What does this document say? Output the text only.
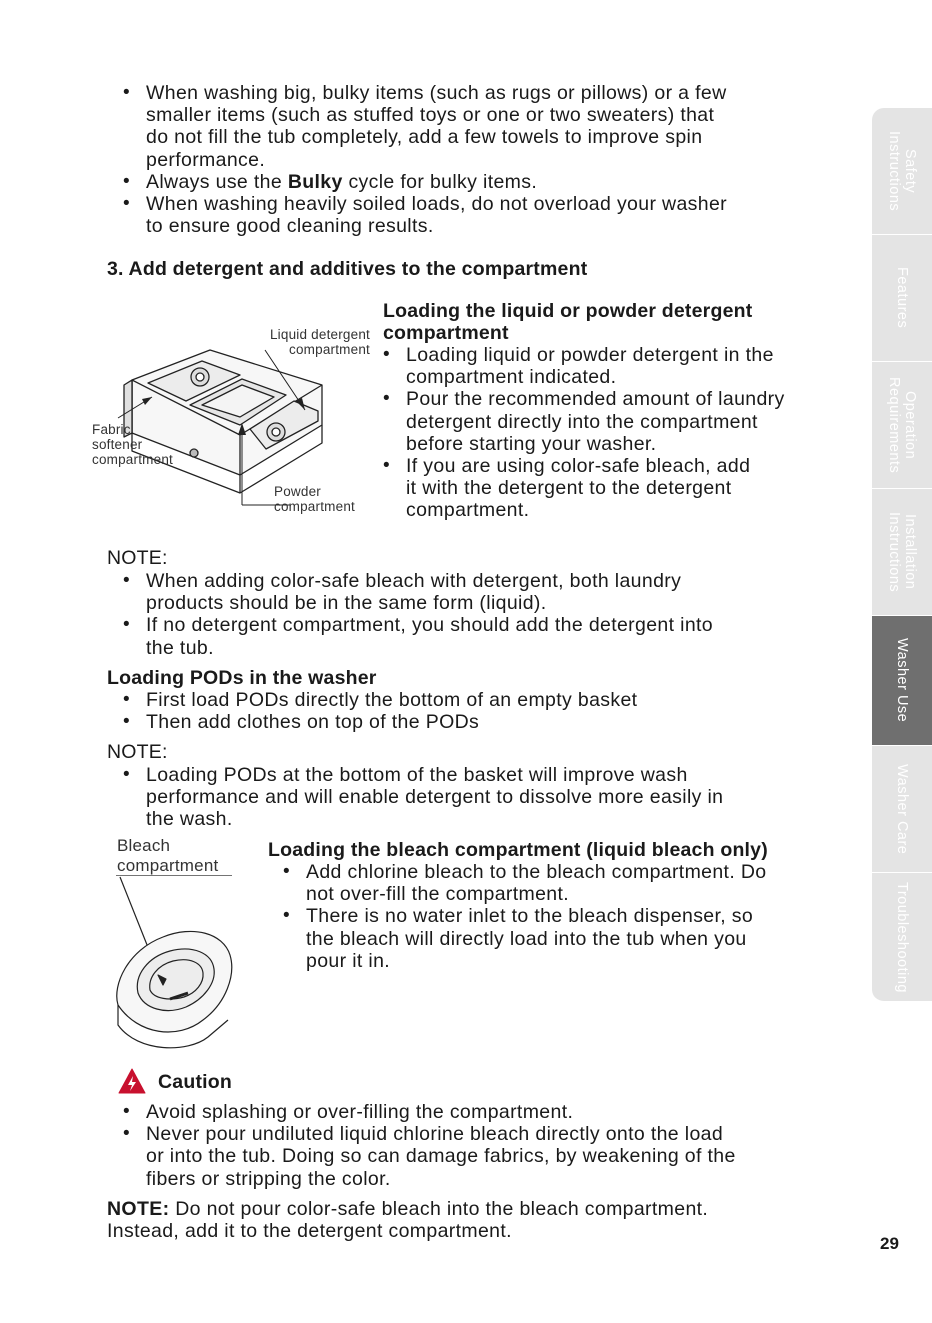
• When washing big, bulky items (such as rugs or pillows) or a few
smaller items (such as stuffed toys or one or two sweaters) that
do not fill the tub completely, add a few towels to improve spin
performance.
• Always use the Bulky cycle for bulky items.
• When washing heavily soiled loads, do not overload your washer
to ensure good cleaning results.
3. Add detergent and additives to the compartment
Liquid detergent
compartment
Fabric
softener
compartment
Powder
compartment
Loading the liquid or powder detergent
compartment
• Loading liquid or powder detergent in the
compartment indicated.
• Pour the recommended amount of laundry
detergent directly into the compartment
before starting your washer.
• If you are using color-safe bleach, add
it with the detergent to the detergent
compartment.
NOTE:
• When adding color-safe bleach with detergent, both laundry
products should be in the same form (liquid).
• If no detergent compartment, you should add the detergent into
the tub.
Loading PODs in the washer
• First load PODs directly the bottom of an empty basket
• Then add clothes on top of the PODs
NOTE:
• Loading PODs at the bottom of the basket will improve wash
performance and will enable detergent to dissolve more easily in
the wash.
Bleach
compartment
Loading the bleach compartment (liquid bleach only)
• Add chlorine bleach to the bleach compartment. Do
not over-fill the compartment.
• There is no water inlet to the bleach dispenser, so
the bleach will directly load into the tub when you
pour it in.
Caution
• Avoid splashing or over-filling the compartment.
• Never pour undiluted liquid chlorine bleach directly onto the load
or into the tub. Doing so can damage fabrics, by weakening of the
fibers or stripping the color.
NOTE: Do not pour color-safe bleach into the bleach compartment.
Instead, add it to the detergent compartment.
Safety
Instructions
Features
Operation
Requirements
Installation
Instructions
Washer Use
Washer Care
Troubleshooting
29
